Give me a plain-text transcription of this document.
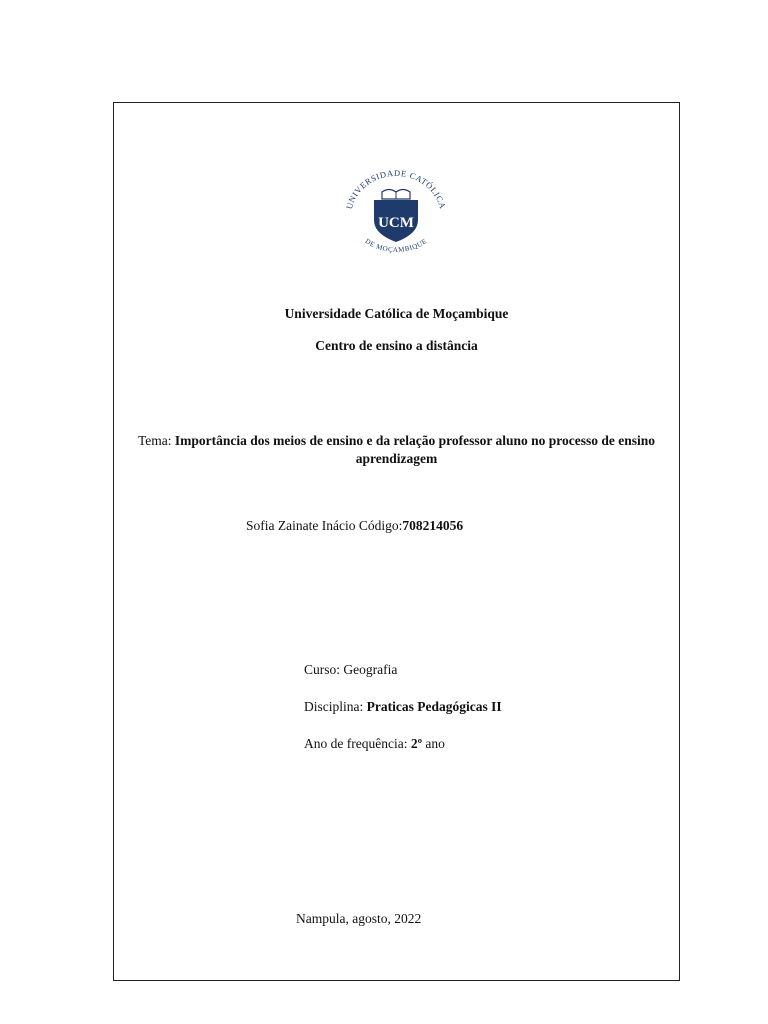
UNIVERSIDADE CATÓLICA
DE MOÇAMBIQUE
UCM
Universidade Católica de Moçambique
Centro de ensino a distância
Tema: Importância dos meios de ensino e da relação professor aluno no processo de ensino aprendizagem
Sofia Zainate Inácio Código:708214056
Curso: Geografia
Disciplina: Praticas Pedagógicas II
Ano de frequência: 2º ano
Nampula, agosto, 2022
